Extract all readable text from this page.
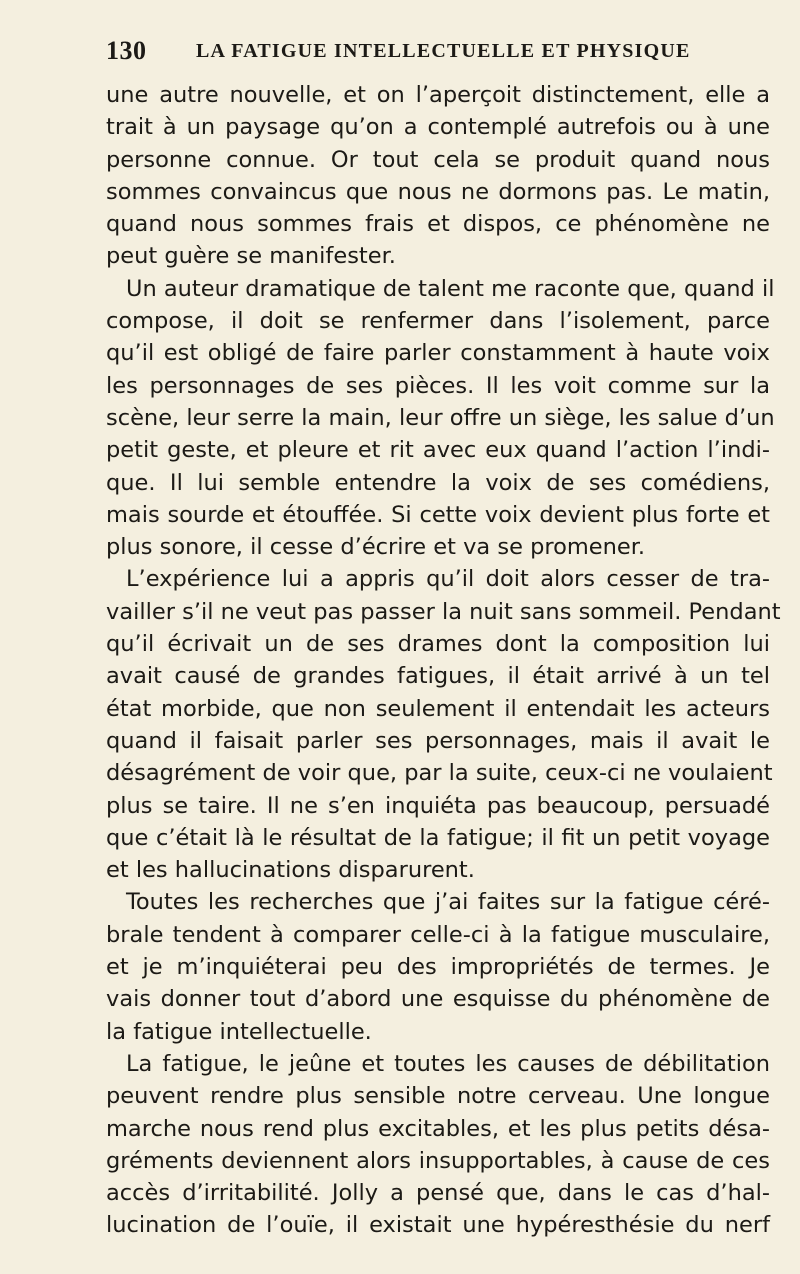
130 LA FATIGUE INTELLECTUELLE ET PHYSIQUE
une autre nouvelle, et on l’aperçoit distinctement, elle a
trait à un paysage qu’on a contemplé autrefois ou à une
personne connue. Or tout cela se produit quand nous
sommes convaincus que nous ne dormons pas. Le matin,
quand nous sommes frais et dispos, ce phénomène ne
peut guère se manifester.
Un auteur dramatique de talent me raconte que, quand il
compose, il doit se renfermer dans l’isolement, parce
qu’il est obligé de faire parler constamment à haute voix
les personnages de ses pièces. Il les voit comme sur la
scène, leur serre la main, leur offre un siège, les salue d’un
petit geste, et pleure et rit avec eux quand l’action l’indi-
que. Il lui semble entendre la voix de ses comédiens,
mais sourde et étouffée. Si cette voix devient plus forte et
plus sonore, il cesse d’écrire et va se promener.
L’expérience lui a appris qu’il doit alors cesser de tra-
vailler s’il ne veut pas passer la nuit sans sommeil. Pendant
qu’il écrivait un de ses drames dont la composition lui
avait causé de grandes fatigues, il était arrivé à un tel
état morbide, que non seulement il entendait les acteurs
quand il faisait parler ses personnages, mais il avait le
désagrément de voir que, par la suite, ceux-ci ne voulaient
plus se taire. Il ne s’en inquiéta pas beaucoup, persuadé
que c’était là le résultat de la fatigue; il fit un petit voyage
et les hallucinations disparurent.
Toutes les recherches que j’ai faites sur la fatigue céré-
brale tendent à comparer celle-ci à la fatigue musculaire,
et je m’inquiéterai peu des impropriétés de termes. Je
vais donner tout d’abord une esquisse du phénomène de
la fatigue intellectuelle.
La fatigue, le jeûne et toutes les causes de débilitation
peuvent rendre plus sensible notre cerveau. Une longue
marche nous rend plus excitables, et les plus petits désa-
gréments deviennent alors insupportables, à cause de ces
accès d’irritabilité. Jolly a pensé que, dans le cas d’hal-
lucination de l’ouïe, il existait une hypéresthésie du nerf
